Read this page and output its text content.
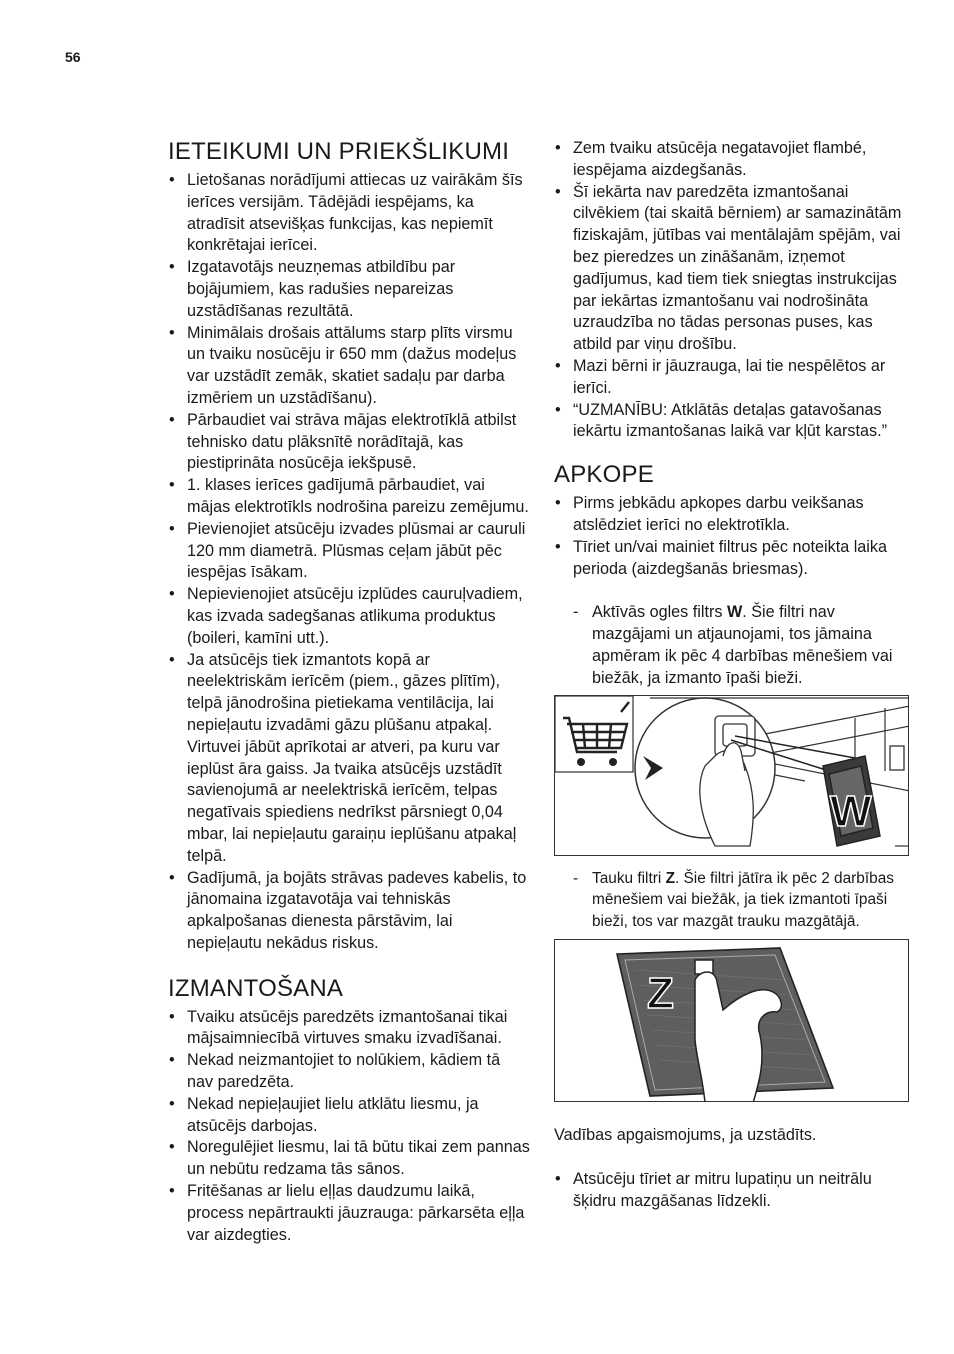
56
IETEIKUMI UN PRIEKŠLIKUMI
• Lietošanas norādījumi attiecas uz vairākām šīs ierīces versijām. Tādējādi iespējams, ka atradīsit atsevišķas funkcijas, kas nepiemīt konkrētajai ierīcei.
• Izgatavotājs neuzņemas atbildību par bojājumiem, kas radušies nepareizas uzstādīšanas rezultātā.
• Minimālais drošais attālums starp plīts virsmu un tvaiku nosūcēju ir 650 mm (dažus modeļus var uzstādīt zemāk, skatiet sadaļu par darba izmēriem un uzstādīšanu).
• Pārbaudiet vai strāva mājas elektrotīklā atbilst tehnisko datu plāksnītē norādītajā, kas piestiprināta nosūcēja iekšpusē.
• 1. klases ierīces gadījumā pārbaudiet, vai mājas elektrotīkls nodrošina pareizu zemējumu.
• Pievienojiet atsūcēju izvades plūsmai ar cauruli 120 mm diametrā. Plūsmas ceļam jābūt pēc iespējas īsākam.
• Nepievienojiet atsūcēju izplūdes cauruļvadiem, kas izvada sadegšanas atlikuma produktus (boileri, kamīni utt.).
• Ja atsūcējs tiek izmantots kopā ar neelektriskām ierīcēm (piem., gāzes plītīm), telpā jānodrošina pietiekama ventilācija, lai nepieļautu izvadāmi gāzu plūšanu atpakaļ. Virtuvei jābūt aprīkotai ar atveri, pa kuru var ieplūst āra gaiss. Ja tvaika atsūcējs uzstādīt savienojumā ar neelektriskā ierīcēm, telpas negatīvais spiediens nedrīkst pārsniegt 0,04 mbar, lai nepieļautu garaiņu ieplūšanu atpakaļ telpā.
• Gadījumā, ja bojāts strāvas padeves kabelis, to jānomaina izgatavotāja vai tehniskās apkalpošanas dienesta pārstāvim, lai nepieļautu nekādus riskus.
IZMANTOŠANA
• Tvaiku atsūcējs paredzēts izmantošanai tikai mājsaimniecībā virtuves smaku izvadīšanai.
• Nekad neizmantojiet to nolūkiem, kādiem tā nav paredzēta.
• Nekad nepieļaujiet lielu atklātu liesmu, ja atsūcējs darbojas.
• Noregulējiet liesmu, lai tā būtu tikai zem pannas un nebūtu redzama tās sānos.
• Fritēšanas ar lielu eļļas daudzumu laikā, process nepārtraukti jāuzrauga: pārkarsēta eļļa var aizdegties.
• Zem tvaiku atsūcēja negatavojiet flambé, iespējama aizdegšanās.
• Šī iekārta nav paredzēta izmantošanai cilvēkiem (tai skaitā bērniem) ar samazinātām fiziskajām, jūtības vai mentālajām spējām, vai bez pieredzes un zināšanām, izņemot gadījumus, kad tiem tiek sniegtas instrukcijas par iekārtas izmantošanu vai nodrošināta uzraudzība no tādas personas puses, kas atbild par viņu drošību.
• Mazi bērni ir jāuzrauga, lai tie nespēlētos ar ierīci.
• “UZMANĪBU: Atklātās detaļas gatavošanas iekārtu izmantošanas laikā var kļūt karstas.”
APKOPE
• Pirms jebkādu apkopes darbu veikšanas atslēdziet ierīci no elektrotīkla.
• Tīriet un/vai mainiet filtrus pēc noteikta laika perioda (aizdegšanās briesmas).
- Aktīvās ogles filtrs W. Šie filtri nav mazgājami un atjaunojami, tos jāmaina apmēram ik pēc 4 darbības mēnešiem vai biežāk, ja izmanto īpaši bieži.
W
- Tauku filtri Z. Šie filtri jātīra ik pēc 2 darbības mēnešiem vai biežāk, ja tiek izmantoti īpaši bieži, tos var mazgāt trauku mazgātājā.
Z
Vadības apgaismojums, ja uzstādīts.
• Atsūcēju tīriet ar mitru lupatiņu un neitrālu šķidru mazgāšanas līdzekli.
